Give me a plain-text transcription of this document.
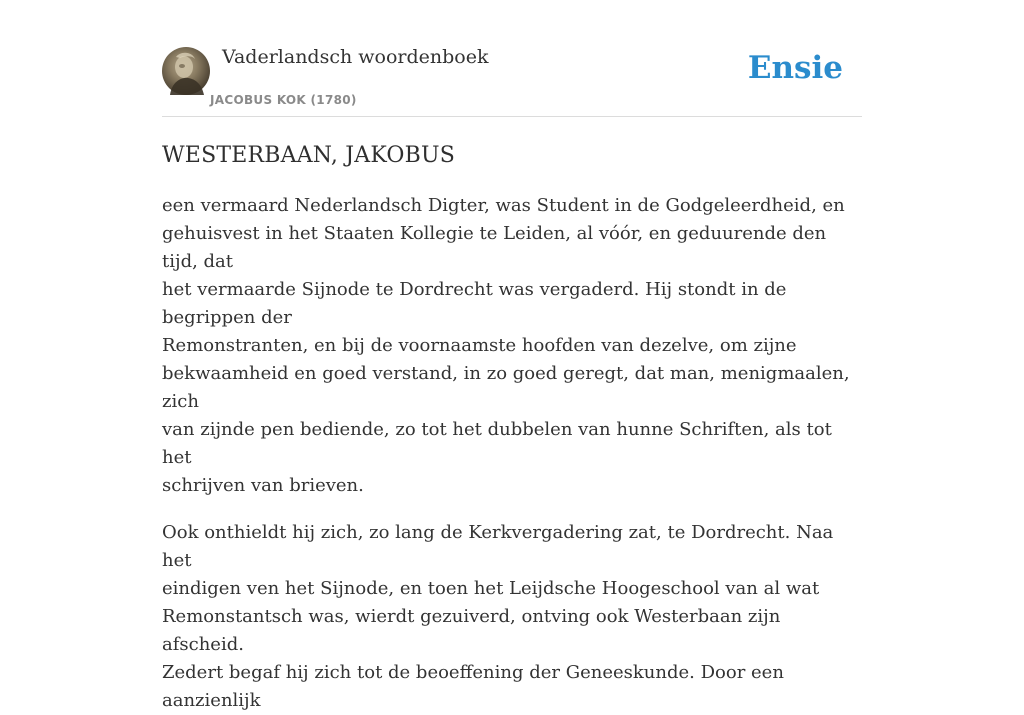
Vaderlandsch woordenboek
JACOBUS KOK (1780)
Ensie
WESTERBAAN, JAKOBUS

een vermaard Nederlandsch Digter, was Student in de Godgeleerdheid, en
gehuisvest in het Staaten Kollegie te Leiden, al vóór, en geduurende den tijd, dat
het vermaarde Sijnode te Dordrecht was vergaderd. Hij stondt in de begrippen der
Remonstranten, en bij de voornaamste hoofden van dezelve, om zijne
bekwaamheid en goed verstand, in zo goed geregt, dat man, menigmaalen, zich
van zijnde pen bediende, zo tot het dubbelen van hunne Schriften, als tot het
schrijven van brieven.

Ook onthieldt hij zich, zo lang de Kerkvergadering zat, te Dordrecht. Naa het
eindigen ven het Sijnode, en toen het Leijdsche Hoogeschool van al wat
Remonstantsch was, wierdt gezuiverd, ontving ook Westerbaan zijn afscheid.
Zedert begaf hij zich tot de beoeffening der Geneeskunde. Door een aanzienlijk
